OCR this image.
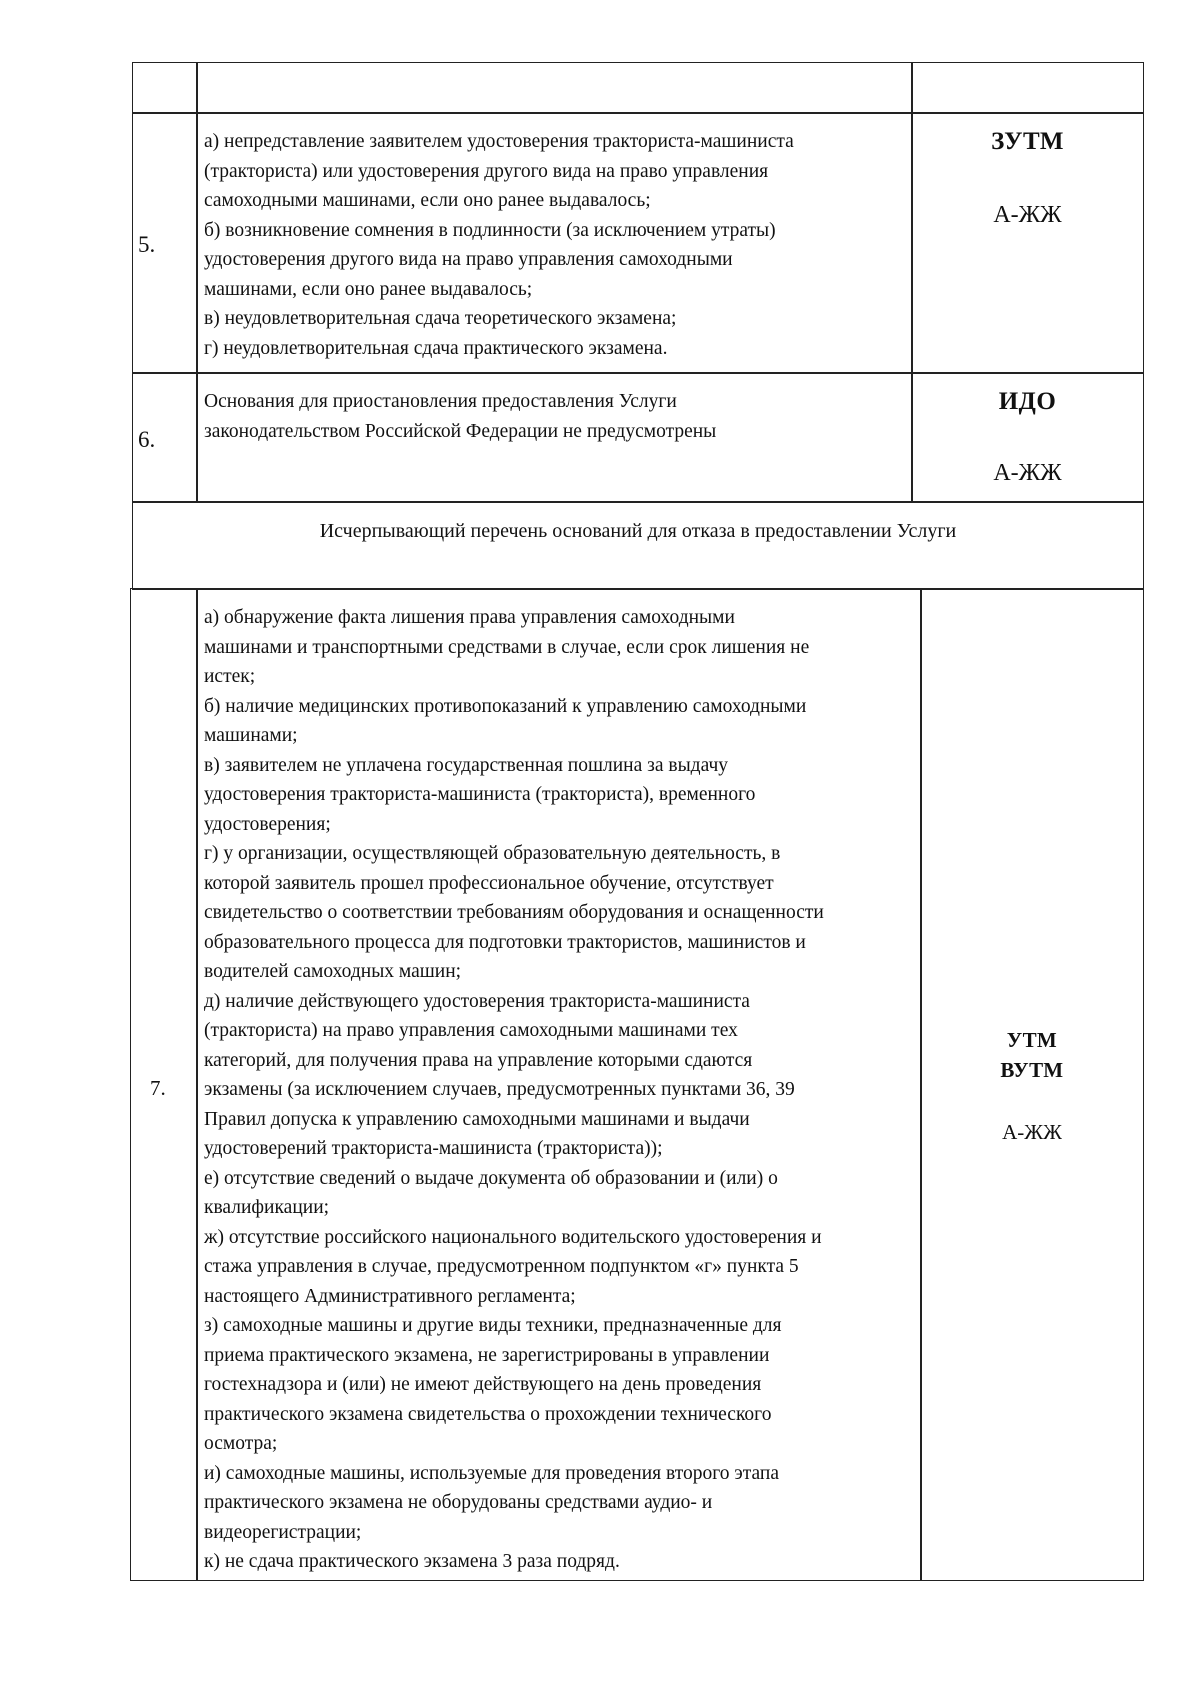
5.
а) непредставление заявителем удостоверения тракториста-машиниста
(тракториста) или удостоверения другого вида на право управления
самоходными машинами, если оно ранее выдавалось;
б) возникновение сомнения в подлинности (за исключением утраты)
удостоверения другого вида на право управления самоходными
машинами, если оно ранее выдавалось;
в) неудовлетворительная сдача теоретического экзамена;
г) неудовлетворительная сдача практического экзамена.
ЗУТМ
А-ЖЖ
6.
Основания для приостановления предоставления Услуги
законодательством Российской Федерации не предусмотрены
ИДО
А-ЖЖ
Исчерпывающий перечень оснований для отказа в предоставлении Услуги
7.
а) обнаружение факта лишения права управления самоходными
машинами и транспортными средствами в случае, если срок лишения не
истек;
б) наличие медицинских противопоказаний к управлению самоходными
машинами;
в) заявителем не уплачена государственная пошлина за выдачу
удостоверения тракториста-машиниста (тракториста), временного
удостоверения;
г) у организации, осуществляющей образовательную деятельность, в
которой заявитель прошел профессиональное обучение, отсутствует
свидетельство о соответствии требованиям оборудования и оснащенности
образовательного процесса для подготовки трактористов, машинистов и
водителей самоходных машин;
д) наличие действующего удостоверения тракториста-машиниста
(тракториста) на право управления самоходными машинами тех
категорий, для получения права на управление которыми сдаются
экзамены (за исключением случаев, предусмотренных пунктами 36, 39
Правил допуска к управлению самоходными машинами и выдачи
удостоверений тракториста-машиниста (тракториста));
е) отсутствие сведений о выдаче документа об образовании и (или) о
квалификации;
ж) отсутствие российского национального водительского удостоверения и
стажа управления в случае, предусмотренном подпунктом «г» пункта 5
настоящего Административного регламента;
з) самоходные машины и другие виды техники, предназначенные для
приема практического экзамена, не зарегистрированы в управлении
гостехнадзора и (или) не имеют действующего на день проведения
практического экзамена свидетельства о прохождении технического
осмотра;
и) самоходные машины, используемые для проведения второго этапа
практического экзамена не оборудованы средствами аудио- и
видеорегистрации;
к) не сдача практического экзамена 3 раза подряд.
УТМ
ВУТМ
А-ЖЖ
